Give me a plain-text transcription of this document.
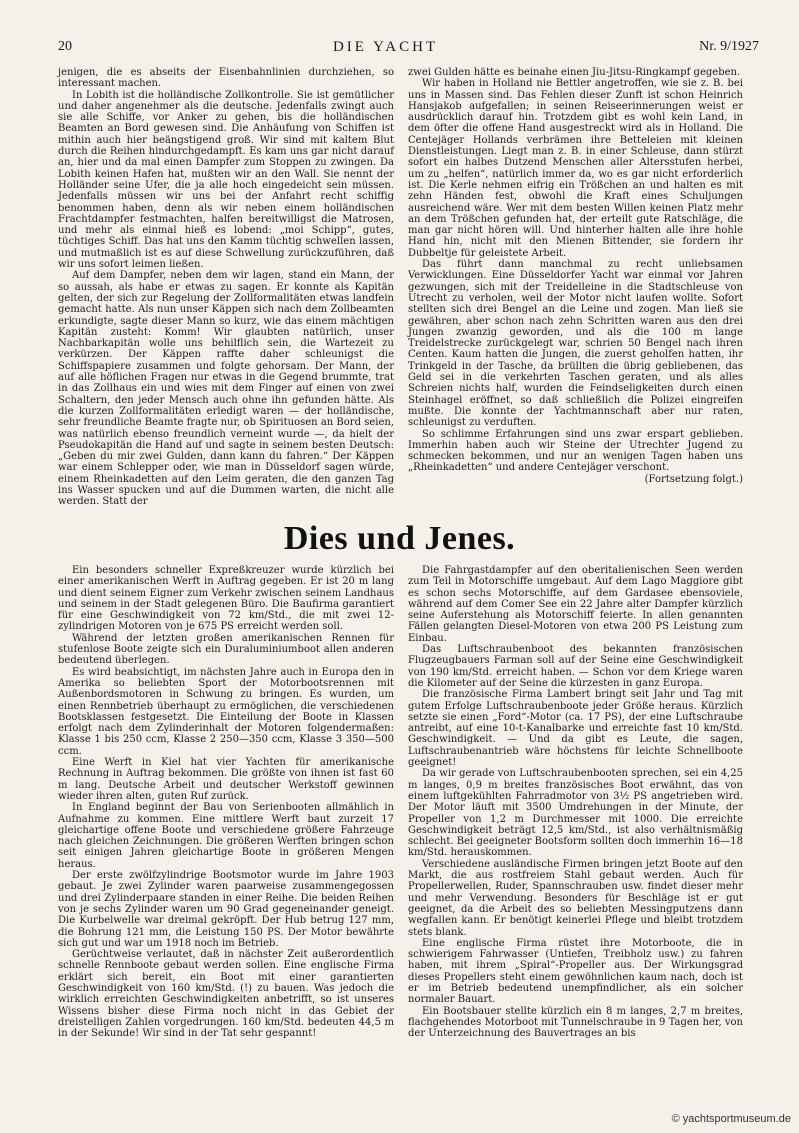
20	DIE YACHT	Nr. 9/1927

jenigen, die es abseits der Eisenbahnlinien durchziehen, so interessant machen.

In Lobith ist die holländische Zollkontrolle. Sie ist gemütlicher und daher angenehmer als die deutsche. Jedenfalls zwingt auch sie alle Schiffe, vor Anker zu gehen, bis die holländischen Beamten an Bord gewesen sind. Die Anhäufung von Schiffen ist mithin auch hier beängstigend groß. Wir sind mit kaltem Blut durch die Reihen hindurchgedampft. Es kam uns gar nicht darauf an, hier und da mal einen Dampfer zum Stoppen zu zwingen. Da Lobith keinen Hafen hat, mußten wir an den Wall. Sie nennt der Holländer seine Ufer, die ja alle hoch eingedeicht sein müssen. Jedenfalls müssen wir uns bei der Anfahrt recht schiffig benommen haben, denn als wir neben einem holländischen Frachtdampfer festmachten, halfen bereitwilligst die Matrosen, und mehr als einmal hieß es lobend: „moi Schipp“, gutes, tüchtiges Schiff. Das hat uns den Kamm tüchtig schwellen lassen, und mutmaßlich ist es auf diese Schwellung zurückzuführen, daß wir uns sofort leimen ließen.

Auf dem Dampfer, neben dem wir lagen, stand ein Mann, der so aussah, als habe er etwas zu sagen. Er konnte als Kapitän gelten, der sich zur Regelung der Zollformalitäten etwas landfein gemacht hatte. Als nun unser Käppen sich nach dem Zollbeamten erkundigte, sagte dieser Mann so kurz, wie das einem mächtigen Kapitän zusteht: Komm! Wir glaubten natürlich, unser Nachbarkapitän wolle uns behilflich sein, die Wartezeit zu verkürzen. Der Käppen raffte daher schleunigst die Schiffspapiere zusammen und folgte gehorsam. Der Mann, der auf alle höflichen Fragen nur etwas in die Gegend brummte, trat in das Zollhaus ein und wies mit dem Finger auf einen von zwei Schaltern, den jeder Mensch auch ohne ihn gefunden hätte. Als die kurzen Zollformalitäten erledigt waren — der holländische, sehr freundliche Beamte fragte nur, ob Spirituosen an Bord seien, was natürlich ebenso freundlich verneint wurde —, da hielt der Pseudokapitän die Hand auf und sagte in seinem besten Deutsch: „Geben du mir zwei Gulden, dann kann du fahren.“ Der Käppen war einem Schlepper oder, wie man in Düsseldorf sagen würde, einem Rheinkadetten auf den Leim geraten, die den ganzen Tag ins Wasser spucken und auf die Dummen warten, die nicht alle werden. Statt der

zwei Gulden hätte es beinahe einen Jiu-Jitsu-Ringkampf gegeben.

Wir haben in Holland nie Bettler angetroffen, wie sie z. B. bei uns in Massen sind. Das Fehlen dieser Zunft ist schon Heinrich Hansjakob aufgefallen; in seinen Reiseerinnerungen weist er ausdrücklich darauf hin. Trotzdem gibt es wohl kein Land, in dem öfter die offene Hand ausgestreckt wird als in Holland. Die Centejäger Hollands verbrämen ihre Betteleien mit kleinen Dienstleistungen. Liegt man z. B. in einer Schleuse, dann stürzt sofort ein halbes Dutzend Menschen aller Altersstufen herbei, um zu „helfen“, natürlich immer da, wo es gar nicht erforderlich ist. Die Kerle nehmen eifrig ein Trößchen an und halten es mit zehn Händen fest, obwohl die Kraft eines Schuljungen ausreichend wäre. Wer mit dem besten Willen keinen Platz mehr an dem Trößchen gefunden hat, der erteilt gute Ratschläge, die man gar nicht hören will. Und hinterher halten alle ihre hohle Hand hin, nicht mit den Mienen Bittender, sie fordern ihr Dubbeltje für geleistete Arbeit.

Das führt dann manchmal zu recht unliebsamen Verwicklungen. Eine Düsseldorfer Yacht war einmal vor Jahren gezwungen, sich mit der Treidelleine in die Stadtschleuse von Utrecht zu verholen, weil der Motor nicht laufen wollte. Sofort stellten sich drei Bengel an die Leine und zogen. Man ließ sie gewähren, aber schon nach zehn Schritten waren aus den drei Jungen zwanzig geworden, und als die 100 m lange Treidelstrecke zurückgelegt war, schrien 50 Bengel nach ihren Centen. Kaum hatten die Jungen, die zuerst geholfen hatten, ihr Trinkgeld in der Tasche, da brüllten die übrig gebliebenen, das Geld sei in die verkehrten Taschen geraten, und als alles Schreien nichts half, wurden die Feindseligkeiten durch einen Steinhagel eröffnet, so daß schließlich die Polizei eingreifen mußte. Die konnte der Yachtmannschaft aber nur raten, schleunigst zu verduften.

So schlimme Erfahrungen sind uns zwar erspart geblieben. Immerhin haben auch wir Steine der Utrechter Jugend zu schmecken bekommen, und nur an wenigen Tagen haben uns „Rheinkadetten“ und andere Centejäger verschont.

(Fortsetzung folgt.)

Dies und Jenes.

Ein besonders schneller Expreßkreuzer wurde kürzlich bei einer amerikanischen Werft in Auftrag gegeben. Er ist 20 m lang und dient seinem Eigner zum Verkehr zwischen seinem Landhaus und seinem in der Stadt gelegenen Büro. Die Baufirma garantiert für eine Geschwindigkeit von 72 km/Std., die mit zwei 12-zylindrigen Motoren von je 675 PS erreicht werden soll.

Während der letzten großen amerikanischen Rennen für stufenlose Boote zeigte sich ein Duraluminiumboot allen anderen bedeutend überlegen.

Es wird beabsichtigt, im nächsten Jahre auch in Europa den in Amerika so beliebten Sport der Motorbootsrennen mit Außenbordsmotoren in Schwung zu bringen. Es wurden, um einen Rennbetrieb überhaupt zu ermöglichen, die verschiedenen Bootsklassen festgesetzt. Die Einteilung der Boote in Klassen erfolgt nach dem Zylinderinhalt der Motoren folgendermaßen: Klasse 1 bis 250 ccm, Klasse 2 250—350 ccm, Klasse 3 350—500 ccm.

Eine Werft in Kiel hat vier Yachten für amerikanische Rechnung in Auftrag bekommen. Die größte von ihnen ist fast 60 m lang. Deutsche Arbeit und deutscher Werkstoff gewinnen wieder ihren alten, guten Ruf zurück.

In England beginnt der Bau von Serienbooten allmählich in Aufnahme zu kommen. Eine mittlere Werft baut zurzeit 17 gleichartige offene Boote und verschiedene größere Fahrzeuge nach gleichen Zeichnungen. Die größeren Werften bringen schon seit einigen Jahren gleichartige Boote in größeren Mengen heraus.

Der erste zwölfzylindrige Bootsmotor wurde im Jahre 1903 gebaut. Je zwei Zylinder waren paarweise zusammengegossen und drei Zylinderpaare standen in einer Reihe. Die beiden Reihen von je sechs Zylinder waren um 90 Grad gegeneinander geneigt. Die Kurbelwelle war dreimal gekröpft. Der Hub betrug 127 mm, die Bohrung 121 mm, die Leistung 150 PS. Der Motor bewährte sich gut und war um 1918 noch im Betrieb.

Gerüchtweise verlautet, daß in nächster Zeit außerordentlich schnelle Rennboote gebaut werden sollen. Eine englische Firma erklärt sich bereit, ein Boot mit einer garantierten Geschwindigkeit von 160 km/Std. (!) zu bauen. Was jedoch die wirklich erreichten Geschwindigkeiten anbetrifft, so ist unseres Wissens bisher diese Firma noch nicht in das Gebiet der dreistelligen Zahlen vorgedrungen. 160 km/Std. bedeuten 44,5 m in der Sekunde! Wir sind in der Tat sehr gespannt!

Die Fahrgastdampfer auf den oberitalienischen Seen werden zum Teil in Motorschiffe umgebaut. Auf dem Lago Maggiore gibt es schon sechs Motorschiffe, auf dem Gardasee ebensoviele, während auf dem Comer See ein 22 Jahre alter Dampfer kürzlich seine Auferstehung als Motorschiff feierte. In allen genannten Fällen gelangten Diesel-Motoren von etwa 200 PS Leistung zum Einbau.

Das Luftschraubenboot des bekannten französischen Flugzeugbauers Farman soll auf der Seine eine Geschwindigkeit von 190 km/Std. erreicht haben. — Schon vor dem Kriege waren die Kilometer auf der Seine die kürzesten in ganz Europa.

Die französische Firma Lambert bringt seit Jahr und Tag mit gutem Erfolge Luftschraubenboote jeder Größe heraus. Kürzlich setzte sie einen „Ford“-Motor (ca. 17 PS), der eine Luftschraube antreibt, auf eine 10-t-Kanalbarke und erreichte fast 10 km/Std. Geschwindigkeit. — Und da gibt es Leute, die sagen, Luftschraubenantrieb wäre höchstens für leichte Schnellboote geeignet!

Da wir gerade von Luftschraubenbooten sprechen, sei ein 4,25 m langes, 0,9 m breites französisches Boot erwähnt, das von einem luftgekühlten Fahrradmotor von 3½ PS angetrieben wird. Der Motor läuft mit 3500 Umdrehungen in der Minute, der Propeller von 1,2 m Durchmesser mit 1000. Die erreichte Geschwindigkeit beträgt 12,5 km/Std., ist also verhältnismäßig schlecht. Bei geeigneter Bootsform sollten doch immerhin 16—18 km/Std. herauskommen.

Verschiedene ausländische Firmen bringen jetzt Boote auf den Markt, die aus rostfreiem Stahl gebaut werden. Auch für Propellerwellen, Ruder, Spannschrauben usw. findet dieser mehr und mehr Verwendung. Besonders für Beschläge ist er gut geeignet, da die Arbeit des so beliebten Messingputzens dann wegfallen kann. Er benötigt keinerlei Pflege und bleibt trotzdem stets blank.

Eine englische Firma rüstet ihre Motorboote, die in schwierigem Fahrwasser (Untiefen, Treibholz usw.) zu fahren haben, mit ihrem „Spiral“-Propeller aus. Der Wirkungsgrad dieses Propellers steht einem gewöhnlichen kaum nach, doch ist er im Betrieb bedeutend unempfindlicher, als ein solcher normaler Bauart.

Ein Bootsbauer stellte kürzlich ein 8 m langes, 2,7 m breites, flachgehendes Motorboot mit Tunnelschraube in 9 Tagen her, von der Unterzeichnung des Bauvertrages an bis

© yachtsportmuseum.de
